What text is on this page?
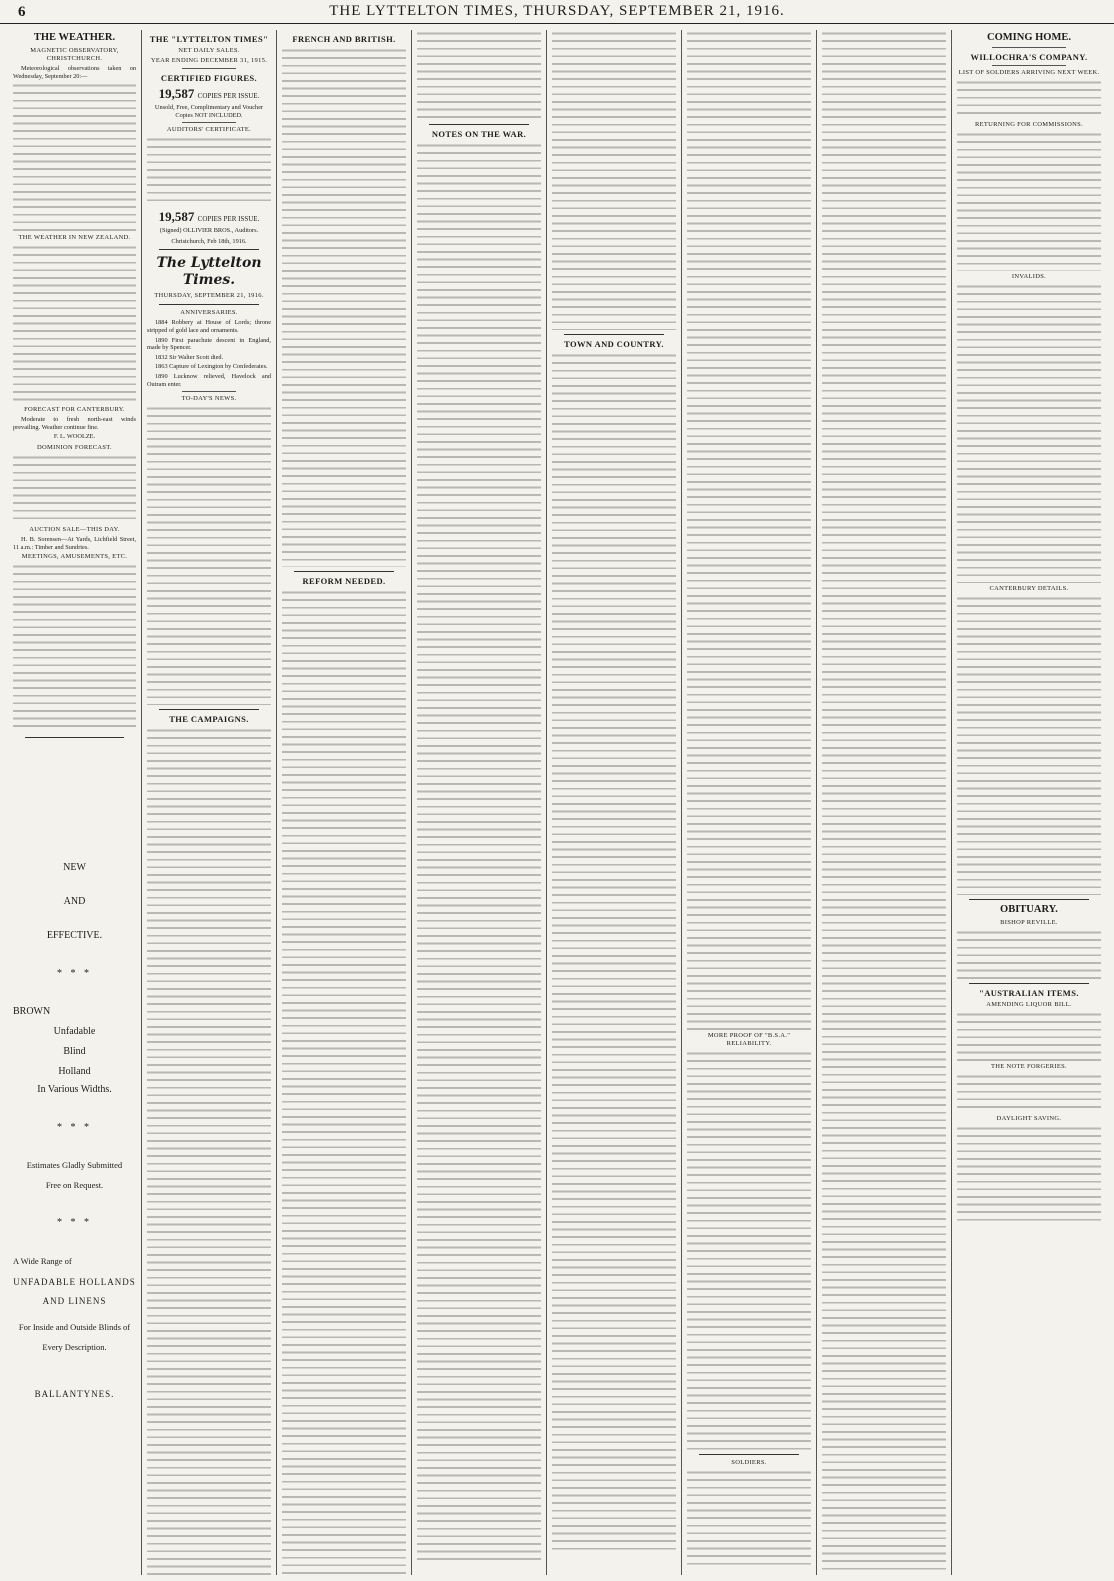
6	THE LYTTELTON TIMES, THURSDAY, SEPTEMBER 21, 1916.
THE WEATHER.
MAGNETIC OBSERVATORY, CHRISTCHURCH.
Meteorological observations taken on Wednesday, September 20:—
THE WEATHER IN NEW ZEALAND.
FORECAST FOR CANTERBURY.
Moderate to fresh north-east winds prevailing. Weather continue fine.
F. L. WOOLZE.
DOMINION FORECAST.
AUCTION SALE—THIS DAY.
H. B. Sorensen—At Yards, Lichfield Street, 11 a.m.: Timber and Sundries.
MEETINGS, AMUSEMENTS, ETC.
NEW
AND
EFFECTIVE.
* * *
BROWN
Unfadable
Blind
Holland
In Various Widths.
* * *
Estimates Gladly Submitted
Free on Request.
* * *
A Wide Range of
UNFADABLE HOLLANDS
AND LINENS
For Inside and Outside Blinds of
Every Description.
BALLANTYNES.
THE "LYTTELTON TIMES"
NET DAILY SALES.
YEAR ENDING DECEMBER 31, 1915.
CERTIFIED FIGURES.
19,587 COPIES PER ISSUE.
Unsold, Free, Complimentary and Voucher Copies NOT INCLUDED.
AUDITORS' CERTIFICATE.
19,587 COPIES PER ISSUE.
(Signed) OLLIVIER BROS., Auditors.
Christchurch, Feb 18th, 1916.
The Lyttelton Times.
THURSDAY, SEPTEMBER 21, 1916.
ANNIVERSARIES.
1884 Robbery at House of Lords; throne stripped of gold lace and ornaments.
1890 First parachute descent in England, made by Spencer.
1832 Sir Walter Scott died.
1863 Capture of Lexington by Confederates.
1890 Lucknow relieved, Havelock and Outram enter.
TO-DAY'S NEWS.
THE CAMPAIGNS.
FRENCH AND BRITISH.
REFORM NEEDED.
NOTES ON THE WAR.
TOWN AND COUNTRY.
MORE PROOF OF "B.S.A." RELIABILITY.
SOLDIERS.
COMING HOME.
WILLOCHRA'S COMPANY.
LIST OF SOLDIERS ARRIVING NEXT WEEK.
RETURNING FOR COMMISSIONS.
INVALIDS.
CANTERBURY DETAILS.
OBITUARY.
BISHOP REVILLE.
"AUSTRALIAN ITEMS.
AMENDING LIQUOR BILL.
THE NOTE FORGERIES.
DAYLIGHT SAVING.
